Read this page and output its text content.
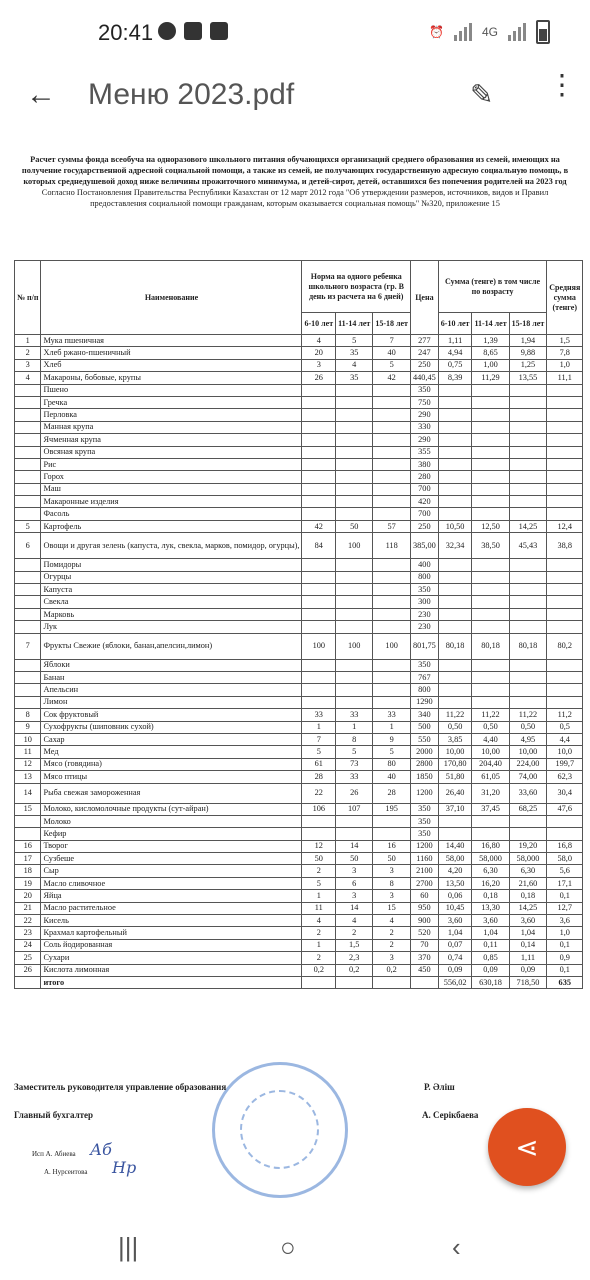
20:41	⏰	4G
← Меню 2023.pdf	✎ ⋮
Расчет суммы фонда всеобуча на одноразового школьного питания обучающихся организаций среднего образования из семей, имеющих на получение государственной адресной социальной помощи, а также из семей, не получающих государственную адресную социальную помощь, в которых среднедушевой доход ниже величины прожиточного минимума, и детей-сирот, детей, оставшихся без попечения родителей на 2023 год
Согласно Постановления Правительства Республики Казахстан от 12 март 2012 года "Об утверждении размеров, источников, видов и Правил предоставления социальной помощи гражданам, которым оказывается социальная помощь" №320, приложение 15
№ п/п	Наименование	Норма на одного ребенка школьного возраста (гр. В день из расчета на 6 дней)			Цена	Сумма (тенге) в том числе по возрасту			Средняя сумма (тенге)
		6-10 лет	11-14 лет	15-18 лет		6-10 лет	11-14 лет	15-18 лет	
1	Мука пшеничная	4	5	7	277	1,11	1,39	1,94	1,5
2	Хлеб ржано-пшеничный	20	35	40	247	4,94	8,65	9,88	7,8
3	Хлеб	3	4	5	250	0,75	1,00	1,25	1,0
4	Макароны, бобовые, крупы	26	35	42	440,45	8,39	11,29	13,55	11,1
	Пшено				350				
	Гречка				750				
	Перловка				290				
	Манная крупа				330				
	Ячменная крупа				290				
	Овсяная крупа				355				
	Рис				380				
	Горох				280				
	Маш				700				
	Макаронные изделия				420				
	Фасоль				700				
5	Картофель	42	50	57	250	10,50	12,50	14,25	12,4
6	Овощи и другая зелень (капуста, лук, свекла, марков, помидор, огурцы),	84	100	118	385,00	32,34	38,50	45,43	38,8
	Помидоры				400				
	Огурцы				800				
	Капуста				350				
	Свекла				300				
	Марковь				230				
	Лук				230				
7	Фрукты Свежие (яблоки, банан,апелсин,лимон)	100	100	100	801,75	80,18	80,18	80,18	80,2
	Яблоки				350				
	Банан				767				
	Апельсин				800				
	Лимон				1290				
8	Сок фруктовый	33	33	33	340	11,22	11,22	11,22	11,2
9	Сухофрукты (шиповник сухой)	1	1	1	500	0,50	0,50	0,50	0,5
10	Сахар	7	8	9	550	3,85	4,40	4,95	4,4
11	Мед	5	5	5	2000	10,00	10,00	10,00	10,0
12	Мясо (говядина)	61	73	80	2800	170,80	204,40	224,00	199,7
13	Мясо птицы	28	33	40	1850	51,80	61,05	74,00	62,3
14	Рыба свежая замороженная	22	26	28	1200	26,40	31,20	33,60	30,4
15	Молоко, кисломолочные продукты (сут-айран)	106	107	195	350	37,10	37,45	68,25	47,6
	Молоко				350				
	Кефир				350				
16	Творог	12	14	16	1200	14,40	16,80	19,20	16,8
17	Сузбеше	50	50	50	1160	58,00	58,000	58,000	58,0
18	Сыр	2	3	3	2100	4,20	6,30	6,30	5,6
19	Масло сливочное	5	6	8	2700	13,50	16,20	21,60	17,1
20	Яйца	1	3	3	60	0,06	0,18	0,18	0,1
21	Масло растительное	11	14	15	950	10,45	13,30	14,25	12,7
22	Кисель	4	4	4	900	3,60	3,60	3,60	3,6
23	Крахмал картофельный	2	2	2	520	1,04	1,04	1,04	1,0
24	Соль йодированная	1	1,5	2	70	0,07	0,11	0,14	0,1
25	Сухари	2	2,3	3	370	0,74	0,85	1,11	0,9
26	Кислота лимонная	0,2	0,2	0,2	450	0,09	0,09	0,09	0,1
	итого					556,02	630,18	718,50	635
Заместитель руководителя управление образования	Р. Әліш
Главный бухгалтер	А. Серікбаева
Исп А. Абиева
А. Нурсеитова
Аб
Нр
⋖
|||	○	‹
